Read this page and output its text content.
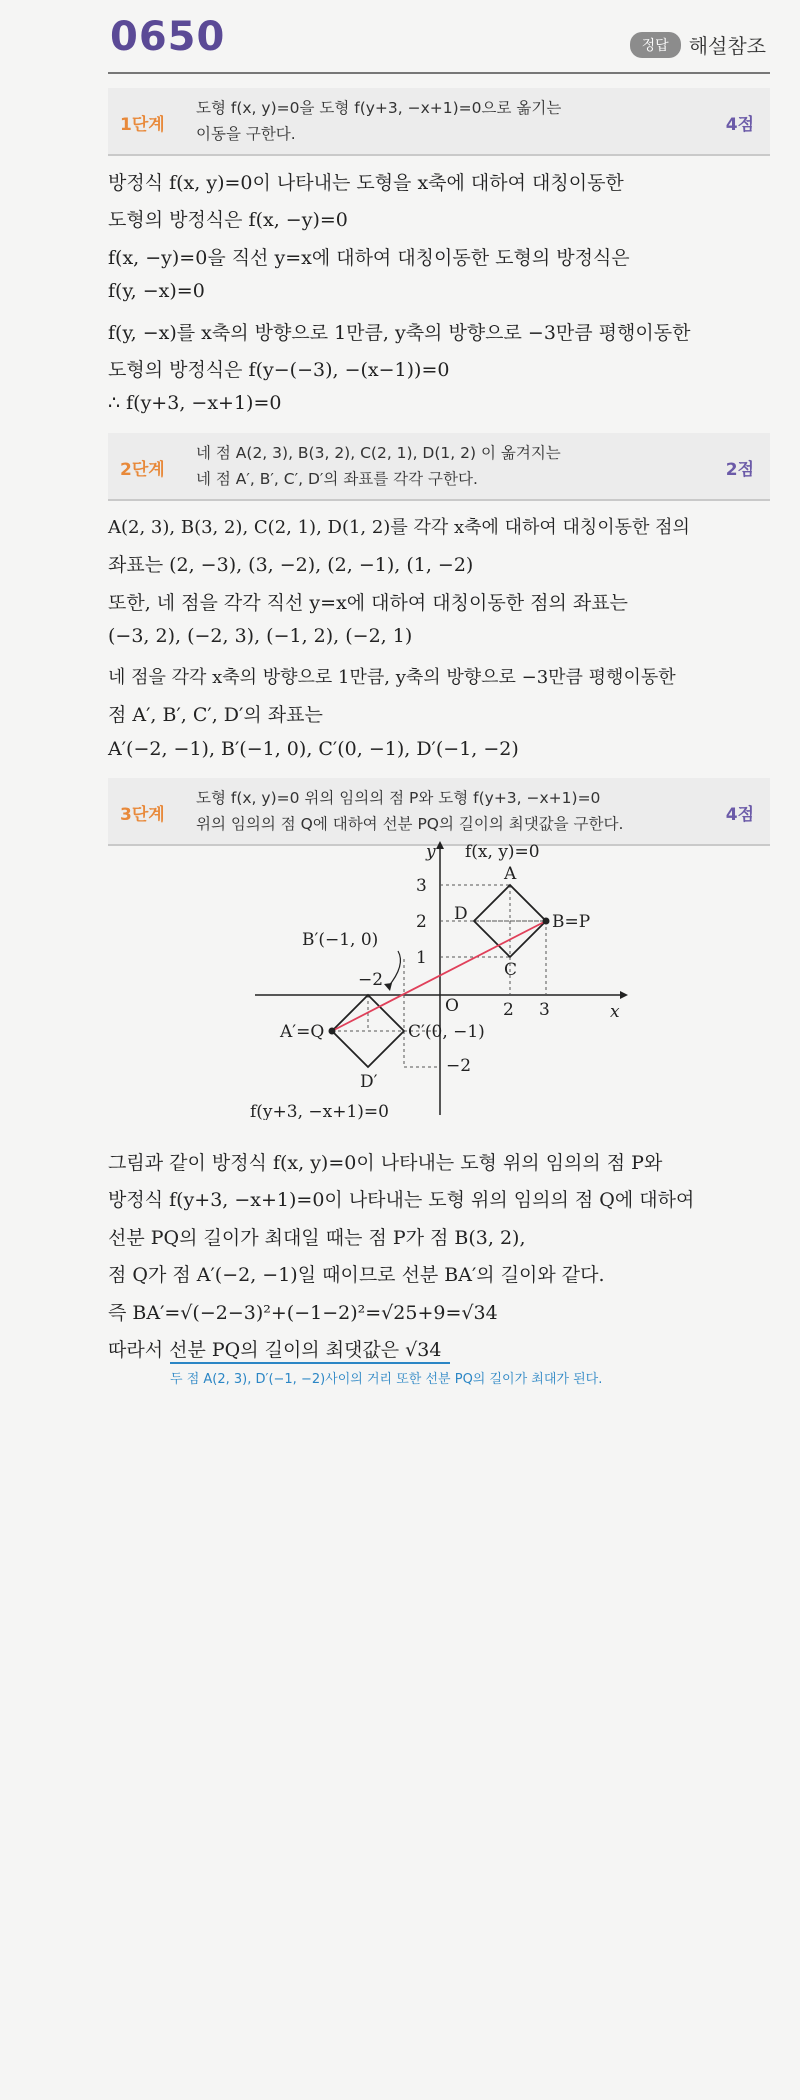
0650	정답	해설참조
1단계
도형 f(x, y)=0을 도형 f(y+3, −x+1)=0으로 옮기는
이동을 구한다.	4점
방정식 f(x, y)=0이 나타내는 도형을 x축에 대하여 대칭이동한
도형의 방정식은 f(x, −y)=0
f(x, −y)=0을 직선 y=x에 대하여 대칭이동한 도형의 방정식은
f(y, −x)=0
f(y, −x)를 x축의 방향으로 1만큼, y축의 방향으로 −3만큼 평행이동한
도형의 방정식은 f(y−(−3), −(x−1))=0
∴ f(y+3, −x+1)=0
2단계
네 점 A(2, 3), B(3, 2), C(2, 1), D(1, 2) 이 옮겨지는
네 점 A′, B′, C′, D′의 좌표를 각각 구한다.	2점
A(2, 3), B(3, 2), C(2, 1), D(1, 2)를 각각 x축에 대하여 대칭이동한 점의
좌표는 (2, −3), (3, −2), (2, −1), (1, −2)
또한, 네 점을 각각 직선 y=x에 대하여 대칭이동한 점의 좌표는
(−3, 2), (−2, 3), (−1, 2), (−2, 1)
네 점을 각각 x축의 방향으로 1만큼, y축의 방향으로 −3만큼 평행이동한
점 A′, B′, C′, D′의 좌표는
A′(−2, −1), B′(−1, 0), C′(0, −1), D′(−1, −2)
3단계
도형 f(x, y)=0 위의 임의의 점 P와 도형 f(y+3, −x+1)=0
위의 임의의 점 Q에 대하여 선분 PQ의 길이의 최댓값을 구한다.	4점
y
x
f(x, y)=0
f(y+3, −x+1)=0
3
2
1
2 3
−2
−2
O
A
B=P
C
D
B′(−1, 0)
A′=Q	C′(0, −1)
D′
그림과 같이 방정식 f(x, y)=0이 나타내는 도형 위의 임의의 점 P와
방정식 f(y+3, −x+1)=0이 나타내는 도형 위의 임의의 점 Q에 대하여
선분 PQ의 길이가 최대일 때는 점 P가 점 B(3, 2),
점 Q가 점 A′(−2, −1)일 때이므로 선분 BA′의 길이와 같다.
즉 BA′=√(−2−3)²+(−1−2)²=√25+9=√34
따라서 선분 PQ의 길이의 최댓값은 √34
두 점 A(2, 3), D′(−1, −2)사이의 거리 또한 선분 PQ의 길이가 최대가 된다.
